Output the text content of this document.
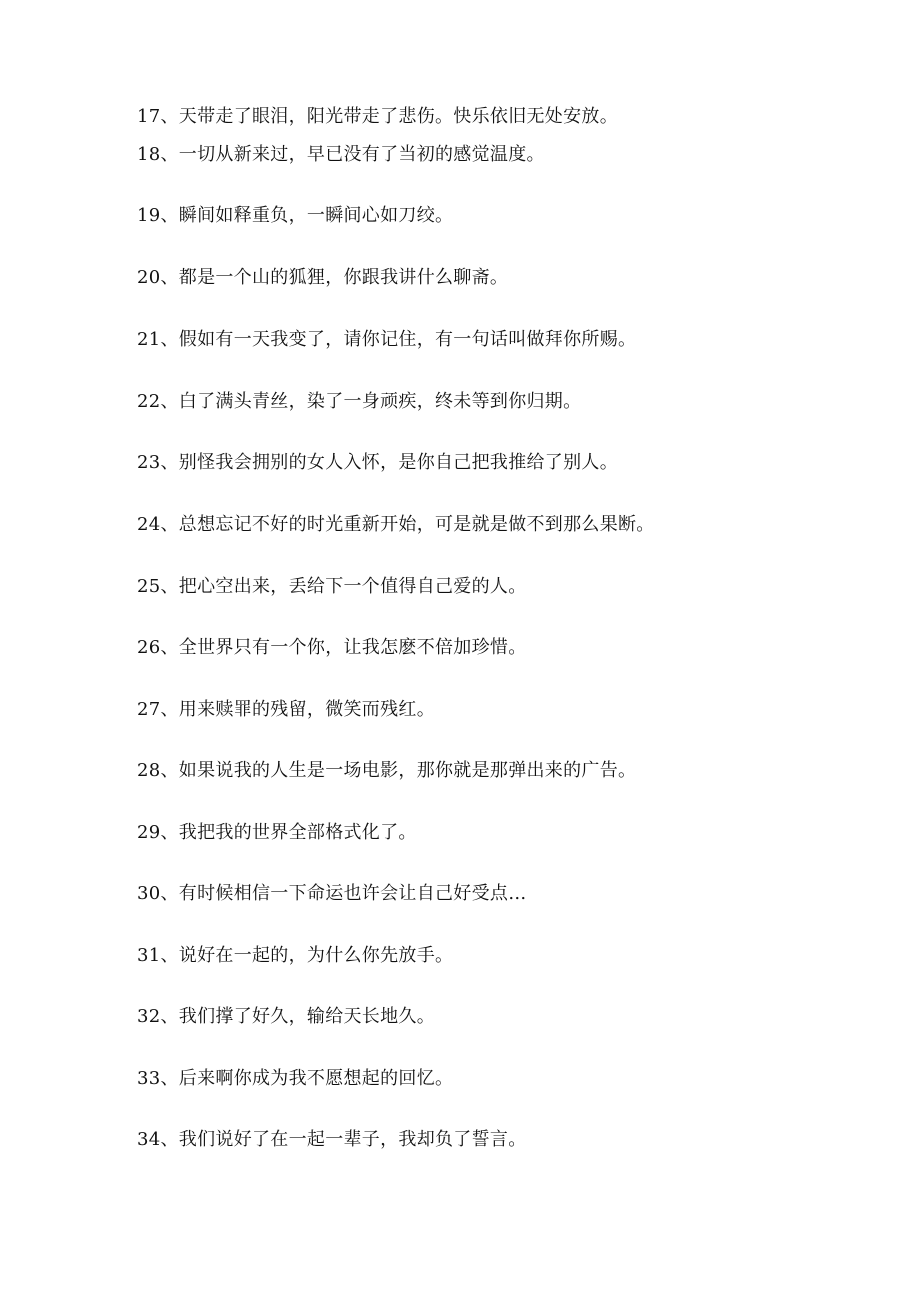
17、天带走了眼泪，阳光带走了悲伤。快乐依旧无处安放。
18、一切从新来过，早已没有了当初的感觉温度。
19、瞬间如释重负，一瞬间心如刀绞。
20、都是一个山的狐狸，你跟我讲什么聊斋。
21、假如有一天我变了，请你记住，有一句话叫做拜你所赐。
22、白了满头青丝，染了一身顽疾，终未等到你归期。
23、别怪我会拥别的女人入怀，是你自己把我推给了别人。
24、总想忘记不好的时光重新开始，可是就是做不到那么果断。
25、把心空出来，丢给下一个值得自己爱的人。
26、全世界只有一个你，让我怎麽不倍加珍惜。
27、用来赎罪的残留，微笑而残红。
28、如果说我的人生是一场电影，那你就是那弹出来的广告。
29、我把我的世界全部格式化了。
30、有时候相信一下命运也许会让自己好受点…
31、说好在一起的，为什么你先放手。
32、我们撑了好久，输给天长地久。
33、后来啊你成为我不愿想起的回忆。
34、我们说好了在一起一辈子，我却负了誓言。
